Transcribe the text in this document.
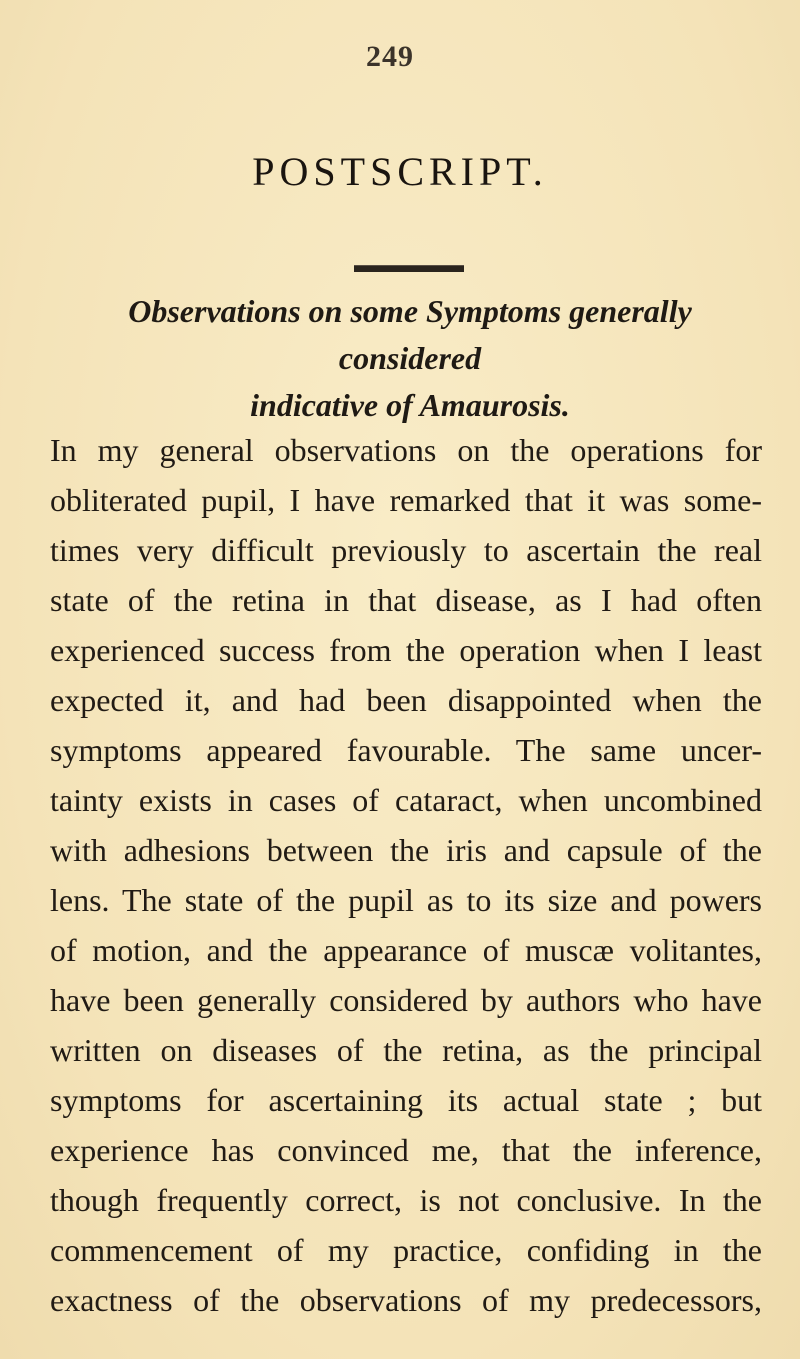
249
POSTSCRIPT.
Observations on some Symptoms generally considered
indicative of Amaurosis.
In my general observations on the operations for
obliterated pupil, I have remarked that it was some-
times very difficult previously to ascertain the real
state of the retina in that disease, as I had often
experienced success from the operation when I least
expected it, and had been disappointed when the
symptoms appeared favourable. The same uncer-
tainty exists in cases of cataract, when uncombined
with adhesions between the iris and capsule of the
lens. The state of the pupil as to its size and powers
of motion, and the appearance of muscæ volitantes,
have been generally considered by authors who have
written on diseases of the retina, as the principal
symptoms for ascertaining its actual state ; but
experience has convinced me, that the inference,
though frequently correct, is not conclusive. In the
commencement of my practice, confiding in the
exactness of the observations of my predecessors,
